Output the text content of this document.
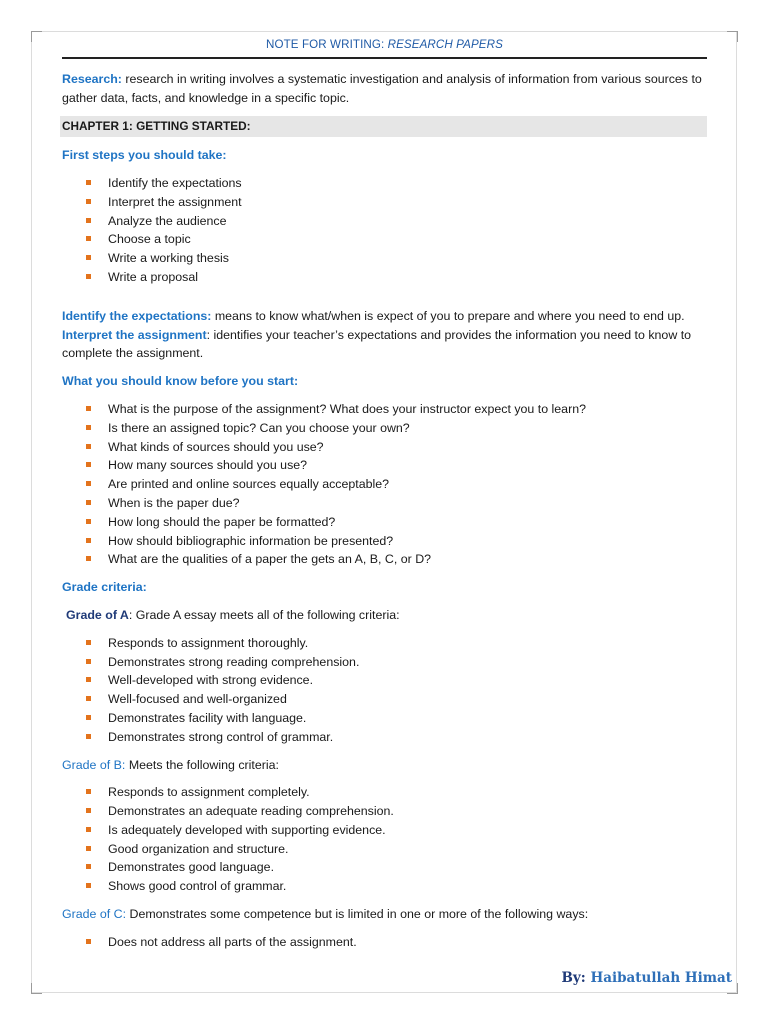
NOTE FOR WRITING: RESEARCH PAPERS

Research: research in writing involves a systematic investigation and analysis of information from various sources to gather data, facts, and knowledge in a specific topic.

CHAPTER 1: GETTING STARTED:

First steps you should take:

Identify the expectations
Interpret the assignment
Analyze the audience
Choose a topic
Write a working thesis
Write a proposal

Identify the expectations: means to know what/when is expect of you to prepare and where you need to end up.

Interpret the assignment: identifies your teacher’s expectations and provides the information you need to know to complete the assignment.

What you should know before you start:

What is the purpose of the assignment? What does your instructor expect you to learn?
Is there an assigned topic? Can you choose your own?
What kinds of sources should you use?
How many sources should you use?
Are printed and online sources equally acceptable?
When is the paper due?
How long should the paper be formatted?
How should bibliographic information be presented?
What are the qualities of a paper the gets an A, B, C, or D?

Grade criteria:

Grade of A: Grade A essay meets all of the following criteria:

Responds to assignment thoroughly.
Demonstrates strong reading comprehension.
Well-developed with strong evidence.
Well-focused and well-organized
Demonstrates facility with language.
Demonstrates strong control of grammar.

Grade of B: Meets the following criteria:

Responds to assignment completely.
Demonstrates an adequate reading comprehension.
Is adequately developed with supporting evidence.
Good organization and structure.
Demonstrates good language.
Shows good control of grammar.

Grade of C: Demonstrates some competence but is limited in one or more of the following ways:

Does not address all parts of the assignment.
By: Haibatullah Himat
